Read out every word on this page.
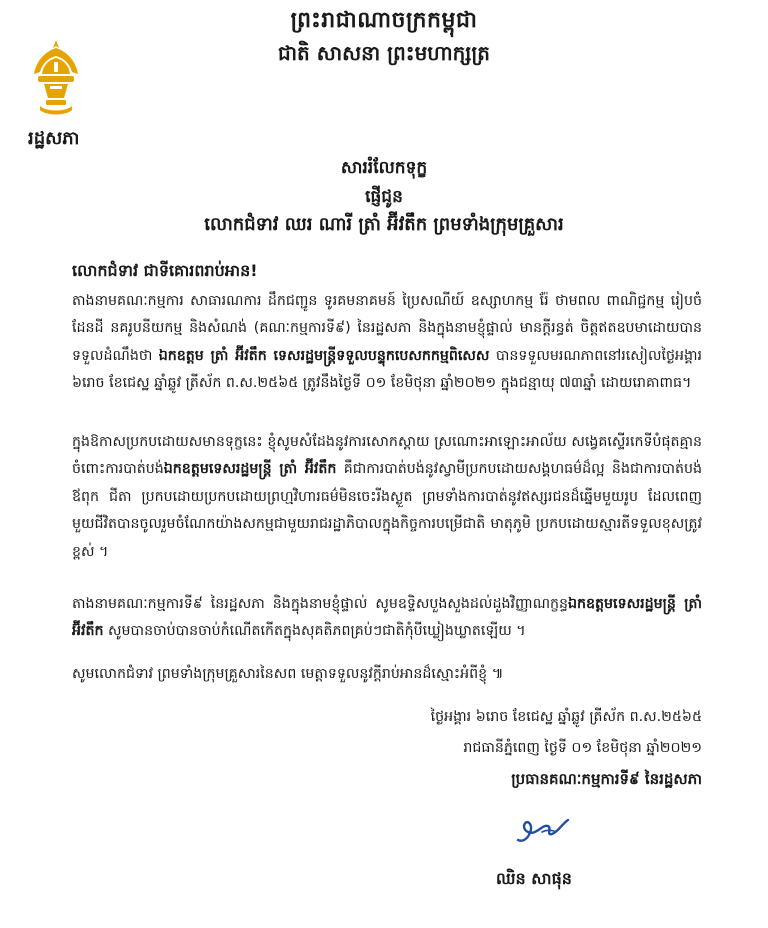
ព្រះរាជាណាចក្រកម្ពុជា
ជាតិ សាសនា ព្រះមហាក្សត្រ
រដ្ឋសភា
សាររំលែកទុក្ខ
ផ្ញើជូន
លោកជំទាវ ឈរ ណារី ត្រាំ អ៊ីវតឹក ព្រមទាំងក្រុមគ្រួសារ
លោកជំទាវ ជាទីគោរពរាប់អាន!
តាងនាមគណៈកម្មការ សាធារណការ ដឹកជញ្ជូន ទូរគមនាគមន៍ ប្រៃសណីយ៍ ឧស្សាហកម្ម រ៉ែ ថាមពល ពាណិជ្ជកម្ម រៀបចំដែនដី នគរូបនីយកម្ម និងសំណង់ (គណៈកម្មការទី៩) នៃរដ្ឋសភា និងក្នុងនាមខ្ញុំផ្ទាល់ មានក្តីរន្ធត់ ចិត្តឥតឧបមាដោយបានទទួលដំណឹងថា ឯកឧត្តម ត្រាំ អ៊ីវតឹក ទេសរដ្ឋមន្ត្រីទទួលបន្ទុកបេសកកម្មពិសេស បានទទួលមរណភាពនៅរសៀលថ្ងៃអង្គារ ៦រោច ខែជេស្ឋ ឆ្នាំឆ្លូវ ត្រីស័ក ព.ស.២៥៦៥ ត្រូវនឹងថ្ងៃទី ០១ ខែមិថុនា ឆ្នាំ២០២១ ក្នុងជន្មាយុ ៧៣ឆ្នាំ ដោយរោគាពាធ។
ក្នុងឱកាសប្រកបដោយសមានទុក្ខនេះ ខ្ញុំសូមសំដែងនូវការសោកស្តាយ ស្រណោះអាឡោះអាល័យ សង្វេគស្ទើរកេទីបំផុតគ្មានចំពោះការបាត់បង់ឯកឧត្តមទេសរដ្ឋមន្ត្រី ត្រាំ អ៊ីវតឹក គឺជាការបាត់បង់នូវស្វាមីប្រកបដោយសង្គហធម៌ដ៏ល្អ និងជាការបាត់បង់ឪពុក ជីតា ប្រកបដោយប្រកបដោយព្រហ្មវិហារធម៌មិនចេះរីងស្ងួត ព្រមទាំងការបាត់នូវឥស្សរជនដ៏ឆ្នើមមួយរូប ដែលពេញមួយជីវិតបានចូលរួមចំណែកយ៉ាងសកម្មជាមួយរាជរដ្ឋាភិបាលក្នុងកិច្ចការបម្រើជាតិ មាតុភូមិ ប្រកបដោយស្មារតីទទួលខុសត្រូវខ្ពស់ ។
តាងនាមគណៈកម្មការទី៩ នៃរដ្ឋសភា និងក្នុងនាមខ្ញុំផ្ទាល់ សូមឧទ្ទិសបួងសួងដល់ដួងវិញ្ញាណក្ខន្ធឯកឧត្តមទេសរដ្ឋមន្ត្រី ត្រាំ អ៊ីវតឹក សូមបានចាប់បានចាប់កំណើតកើតក្នុងសុគតិភពគ្រប់ៗជាតិកុំបីឃ្លៀងឃ្លាតឡើយ ។
សូមលោកជំទាវ ព្រមទាំងក្រុមគ្រួសារនៃសព មេត្តាទទួលនូវក្តីរាប់អានដ៏ស្មោះអំពីខ្ញុំ ៕
ថ្ងៃអង្គារ ៦រោច ខែជេស្ឋ ឆ្នាំឆ្លូវ ត្រីស័ក ព.ស.២៥៦៥
រាជធានីភ្នំពេញ ថ្ងៃទី ០១ ខែមិថុនា ឆ្នាំ២០២១
ប្រធានគណៈកម្មការទី៩ នៃរដ្ឋសភា
ឈិន សាផុន
